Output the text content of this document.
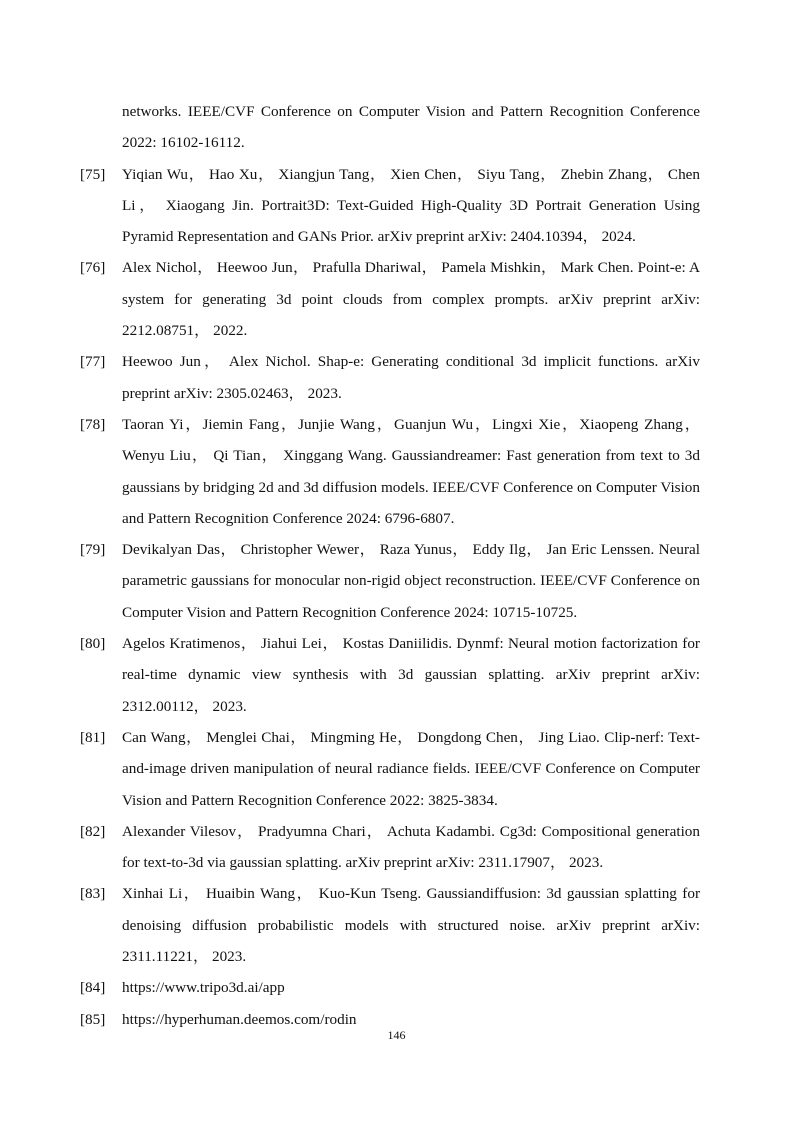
networks. IEEE/CVF Conference on Computer Vision and Pattern Recognition Conference 2022: 16102-16112.
[75]	Yiqian Wu， Hao Xu， Xiangjun Tang， Xien Chen， Siyu Tang， Zhebin Zhang， Chen Li， Xiaogang Jin. Portrait3D: Text-Guided High-Quality 3D Portrait Generation Using Pyramid Representation and GANs Prior. arXiv preprint arXiv: 2404.10394， 2024.
[76]	Alex Nichol， Heewoo Jun， Prafulla Dhariwal， Pamela Mishkin， Mark Chen. Point-e: A system for generating 3d point clouds from complex prompts. arXiv preprint arXiv: 2212.08751， 2022.
[77]	Heewoo Jun， Alex Nichol. Shap-e: Generating conditional 3d implicit functions. arXiv preprint arXiv: 2305.02463， 2023.
[78]	Taoran Yi，Jiemin Fang，Junjie Wang，Guanjun Wu，Lingxi Xie，Xiaopeng Zhang， Wenyu Liu， Qi Tian， Xinggang Wang. Gaussiandreamer: Fast generation from text to 3d gaussians by bridging 2d and 3d diffusion models. IEEE/CVF Conference on Computer Vision and Pattern Recognition Conference 2024: 6796-6807.
[79]	Devikalyan Das， Christopher Wewer， Raza Yunus， Eddy Ilg， Jan Eric Lenssen. Neural parametric gaussians for monocular non-rigid object reconstruction. IEEE/CVF Conference on Computer Vision and Pattern Recognition Conference 2024: 10715-10725.
[80]	Agelos Kratimenos， Jiahui Lei， Kostas Daniilidis. Dynmf: Neural motion factorization for real-time dynamic view synthesis with 3d gaussian splatting. arXiv preprint arXiv: 2312.00112， 2023.
[81]	Can Wang， Menglei Chai， Mingming He， Dongdong Chen， Jing Liao. Clip-nerf: Text-and-image driven manipulation of neural radiance fields. IEEE/CVF Conference on Computer Vision and Pattern Recognition Conference 2022: 3825-3834.
[82]	Alexander Vilesov， Pradyumna Chari， Achuta Kadambi. Cg3d: Compositional generation for text-to-3d via gaussian splatting. arXiv preprint arXiv: 2311.17907， 2023.
[83]	Xinhai Li， Huaibin Wang， Kuo-Kun Tseng. Gaussiandiffusion: 3d gaussian splatting for denoising diffusion probabilistic models with structured noise. arXiv preprint arXiv: 2311.11221， 2023.
[84]	https://www.tripo3d.ai/app
[85]	https://hyperhuman.deemos.com/rodin
146
